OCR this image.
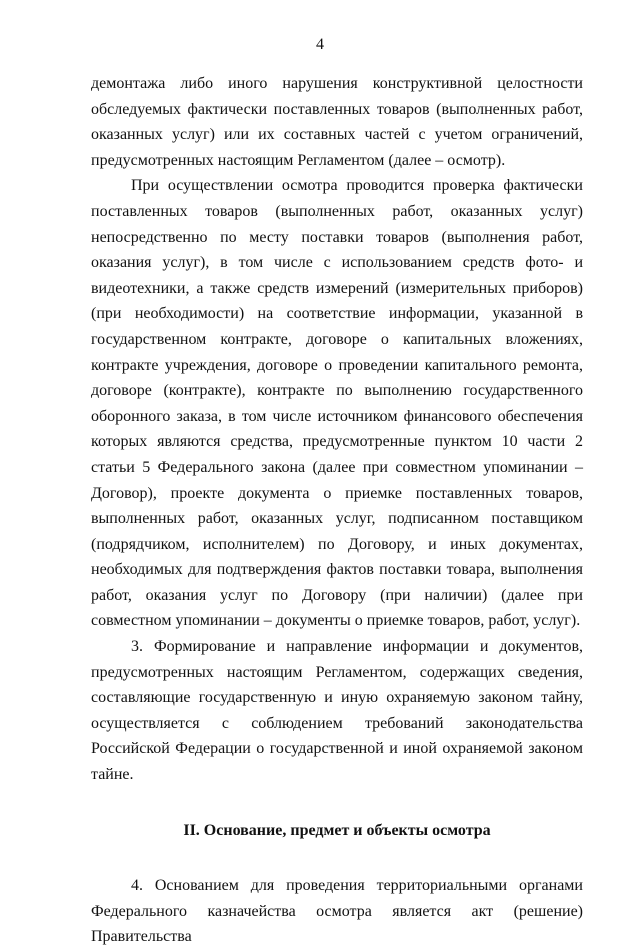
4

демонтажа либо иного нарушения конструктивной целостности обследуемых фактически поставленных товаров (выполненных работ, оказанных услуг) или их составных частей с учетом ограничений, предусмотренных настоящим Регламентом (далее – осмотр).

При осуществлении осмотра проводится проверка фактически поставленных товаров (выполненных работ, оказанных услуг) непосредственно по месту поставки товаров (выполнения работ, оказания услуг), в том числе с использованием средств фото- и видеотехники, а также средств измерений (измерительных приборов) (при необходимости) на соответствие информации, указанной в государственном контракте, договоре о капитальных вложениях, контракте учреждения, договоре о проведении капитального ремонта, договоре (контракте), контракте по выполнению государственного оборонного заказа, в том числе источником финансового обеспечения которых являются средства, предусмотренные пунктом 10 части 2 статьи 5 Федерального закона (далее при совместном упоминании – Договор), проекте документа о приемке поставленных товаров, выполненных работ, оказанных услуг, подписанном поставщиком (подрядчиком, исполнителем) по Договору, и иных документах, необходимых для подтверждения фактов поставки товара, выполнения работ, оказания услуг по Договору (при наличии) (далее при совместном упоминании – документы о приемке товаров, работ, услуг).

3. Формирование и направление информации и документов, предусмотренных настоящим Регламентом, содержащих сведения, составляющие государственную и иную охраняемую законом тайну, осуществляется с соблюдением требований законодательства Российской Федерации о государственной и иной охраняемой законом тайне.

II. Основание, предмет и объекты осмотра

4. Основанием для проведения территориальными органами Федерального казначейства осмотра является акт (решение) Правительства
